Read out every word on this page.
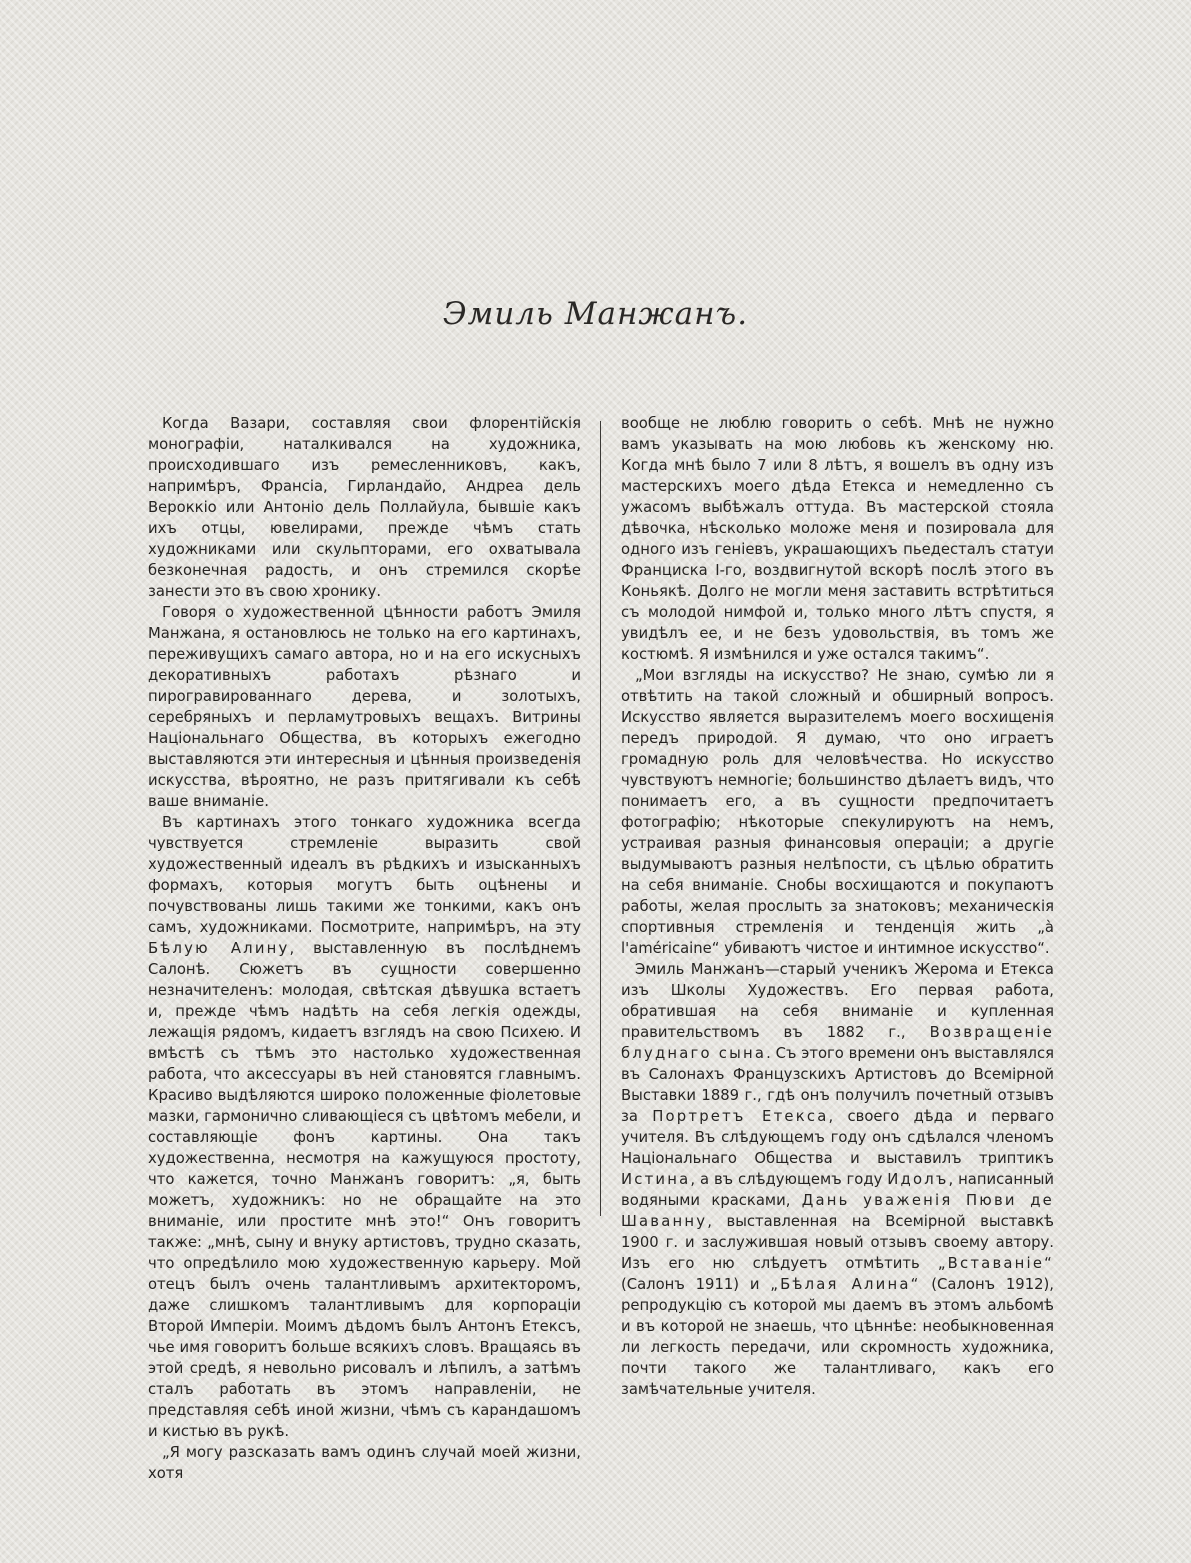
Эмиль Манжанъ.

Когда Вазари, составляя свои флорентійскія монографіи, наталкивался на художника, происходившаго изъ ремесленниковъ, какъ, напримѣръ, Франсіа, Гирландайо, Андреа дель Вероккіо или Антоніо дель Поллайула, бывшіе какъ ихъ отцы, ювелирами, прежде чѣмъ стать художниками или скульпторами, его охватывала безконечная радость, и онъ стремился скорѣе занести это въ свою хронику.

Говоря о художественной цѣнности работъ Эмиля Манжана, я остановлюсь не только на его картинахъ, переживущихъ самаго автора, но и на его искусныхъ декоративныхъ работахъ рѣзнаго и пирогравированнаго дерева, и золотыхъ, серебряныхъ и перламутровыхъ вещахъ. Витрины Національнаго Общества, въ которыхъ ежегодно выставляются эти интересныя и цѣнныя произведенія искусства, вѣроятно, не разъ притягивали къ себѣ ваше вниманіе.

Въ картинахъ этого тонкаго художника всегда чувствуется стремленіе выразить свой художественный идеалъ въ рѣдкихъ и изысканныхъ формахъ, которыя могутъ быть оцѣнены и почувствованы лишь такими же тонкими, какъ онъ самъ, художниками. Посмотрите, напримѣръ, на эту Бѣлую Алину, выставленную въ послѣднемъ Салонѣ. Сюжетъ въ сущности совершенно незначителенъ: молодая, свѣтская дѣвушка встаетъ и, прежде чѣмъ надѣть на себя легкія одежды, лежащія рядомъ, кидаетъ взглядъ на свою Психею. И вмѣстѣ съ тѣмъ это настолько художественная работа, что аксессуары въ ней становятся главнымъ. Красиво выдѣляются широко положенные фіолетовые мазки, гармонично сливающіеся съ цвѣтомъ мебели, и составляющіе фонъ картины. Она такъ художественна, несмотря на кажущуюся простоту, что кажется, точно Манжанъ говоритъ: „я, быть можетъ, художникъ: но не обращайте на это вниманіе, или простите мнѣ это!“ Онъ говоритъ также: „мнѣ, сыну и внуку артистовъ, трудно сказать, что опредѣлило мою художественную карьеру. Мой отецъ былъ очень талантливымъ архитекторомъ, даже слишкомъ талантливымъ для корпораціи Второй Имперіи. Моимъ дѣдомъ былъ Антонъ Етексъ, чье имя говоритъ больше всякихъ словъ. Вращаясь въ этой средѣ, я невольно рисовалъ и лѣпилъ, а затѣмъ сталъ работать въ этомъ направленіи, не представляя себѣ иной жизни, чѣмъ съ карандашомъ и кистью въ рукѣ.

„Я могу разсказать вамъ одинъ случай моей жизни, хотя

вообще не люблю говорить о себѣ. Мнѣ не нужно вамъ указывать на мою любовь къ женскому ню. Когда мнѣ было 7 или 8 лѣтъ, я вошелъ въ одну изъ мастерскихъ моего дѣда Етекса и немедленно съ ужасомъ выбѣжалъ оттуда. Въ мастерской стояла дѣвочка, нѣсколько моложе меня и позировала для одного изъ геніевъ, украшающихъ пьедесталъ статуи Франциска I-го, воздвигнутой вскорѣ послѣ этого въ Коньякѣ. Долго не могли меня заставить встрѣтиться съ молодой нимфой и, только много лѣтъ спустя, я увидѣлъ ее, и не безъ удовольствія, въ томъ же костюмѣ. Я измѣнился и уже остался такимъ“.

„Мои взгляды на искусство? Не знаю, сумѣю ли я отвѣтить на такой сложный и обширный вопросъ. Искусство является выразителемъ моего восхищенія передъ природой. Я думаю, что оно играетъ громадную роль для человѣчества. Но искусство чувствуютъ немногіе; большинство дѣлаетъ видъ, что понимаетъ его, а въ сущности предпочитаетъ фотографію; нѣкоторые спекулируютъ на немъ, устраивая разныя финансовыя операціи; а другіе выдумываютъ разныя нелѣпости, съ цѣлью обратить на себя вниманіе. Снобы восхищаются и покупаютъ работы, желая прослыть за знатоковъ; механическія спортивныя стремленія и тенденція жить „à l'américaine“ убиваютъ чистое и интимное искусство“.

Эмиль Манжанъ—старый ученикъ Жерома и Етекса изъ Школы Художествъ. Его первая работа, обратившая на себя вниманіе и купленная правительствомъ въ 1882 г., Возвращеніе блуднаго сына. Съ этого времени онъ выставлялся въ Салонахъ Французскихъ Артистовъ до Всемірной Выставки 1889 г., гдѣ онъ получилъ почетный отзывъ за Портретъ Етекса, своего дѣда и перваго учителя. Въ слѣдующемъ году онъ сдѣлался членомъ Національнаго Общества и выставилъ триптикъ Истина, а въ слѣдующемъ году Идолъ, написанный водяными красками, Дань уваженія Пюви де Шаванну, выставленная на Всемірной выставкѣ 1900 г. и заслужившая новый отзывъ своему автору. Изъ его ню слѣдуетъ отмѣтить „Вставаніе“ (Салонъ 1911) и „Бѣлая Алина“ (Салонъ 1912), репродукцію съ которой мы даемъ въ этомъ альбомѣ и въ которой не знаешь, что цѣннѣе: необыкновенная ли легкость передачи, или скромность художника, почти такого же талантливаго, какъ его замѣчательные учителя.
